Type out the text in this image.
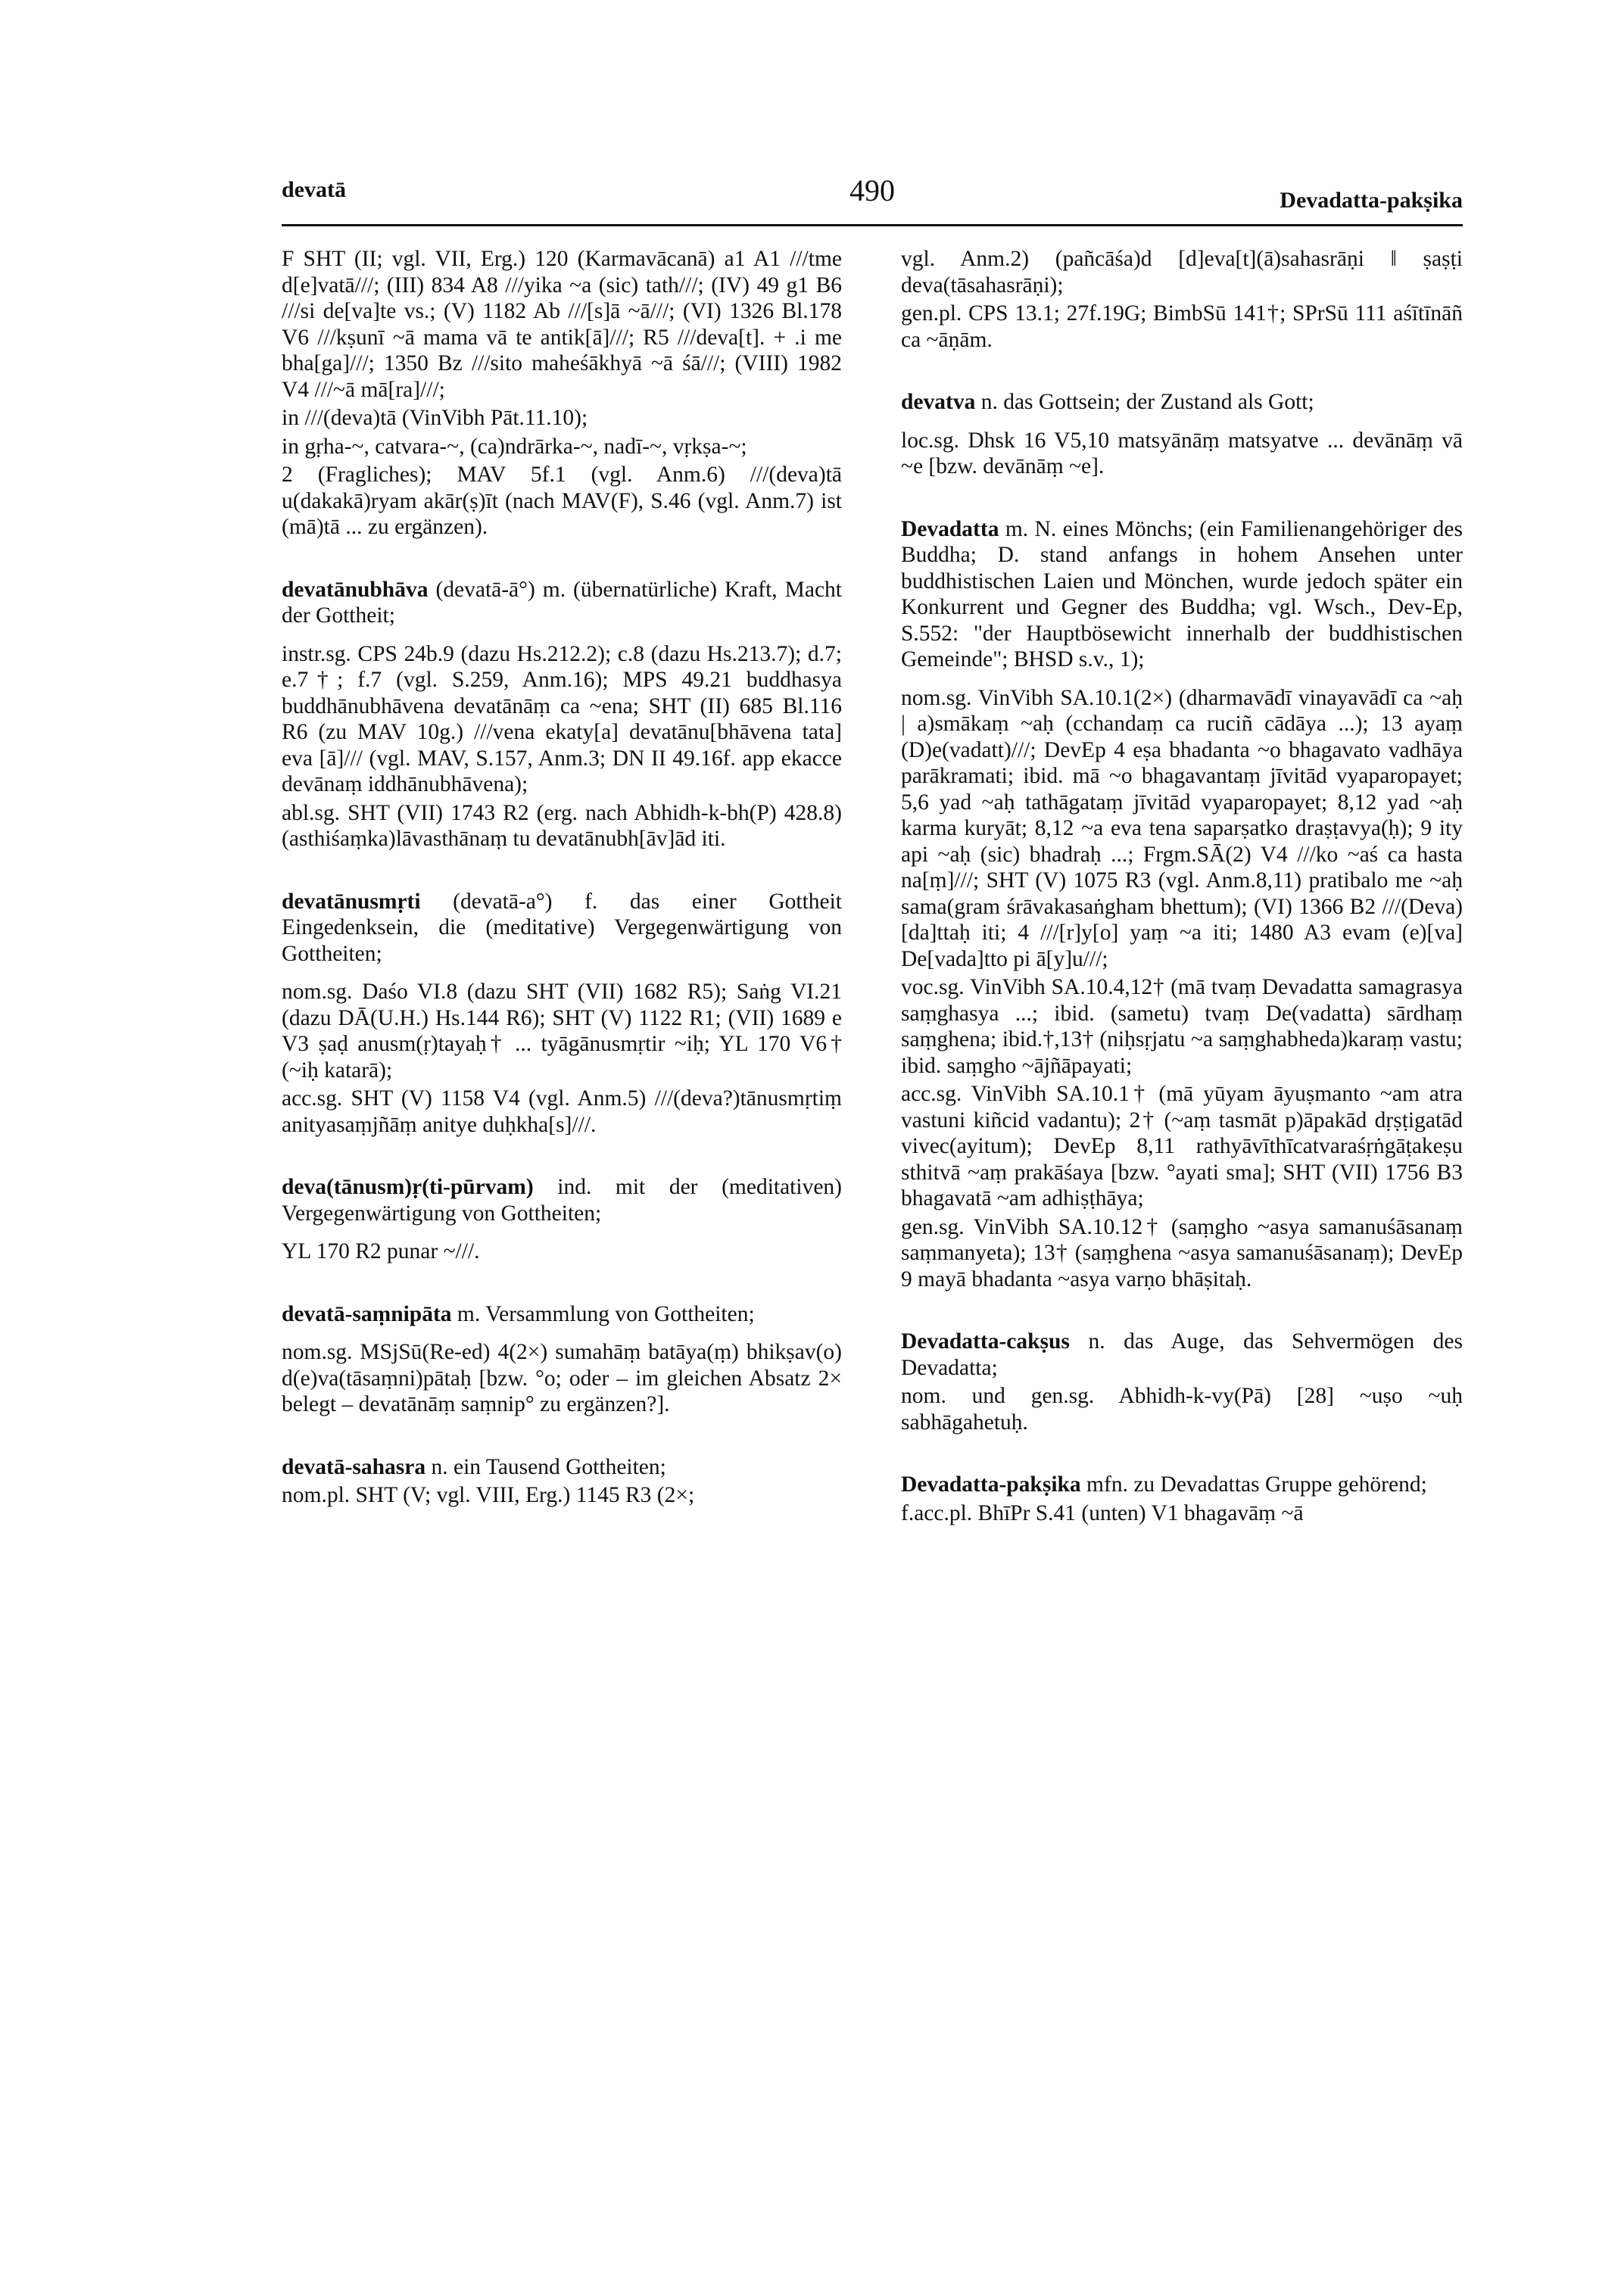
devatā	490	Devadatta-pakṣika

F SHT (II; vgl. VII, Erg.) 120 (Karmavācanā) a1 A1 ///tme d[e]vatā///; (III) 834 A8 ///yika ~a (sic) tath///; (IV) 49 g1 B6 ///si de[va]te vs.; (V) 1182 Ab ///[s]ā ~ā///; (VI) 1326 Bl.178 V6 ///kṣunī ~ā mama vā te antik[ā]///; R5 ///deva[t]. + .i me bha[ga]///; 1350 Bz ///sito maheśākhyā ~ā śā///; (VIII) 1982 V4 ///~ā mā[ra]///;

in ///(deva)tā (VinVibh Pāt.11.10);

in gṛha-~, catvara-~, (ca)ndrārka-~, nadī-~, vṛkṣa-~;

2 (Fragliches); MAV 5f.1 (vgl. Anm.6) ///(deva)tā u(dakakā)ryam akār(ṣ)īt (nach MAV(F), S.46 (vgl. Anm.7) ist (mā)tā ... zu ergänzen).

devatānubhāva (devatā-ā°) m. (übernatürliche) Kraft, Macht der Gottheit;

instr.sg. CPS 24b.9 (dazu Hs.212.2); c.8 (dazu Hs.213.7); d.7; e.7†; f.7 (vgl. S.259, Anm.16); MPS 49.21 buddhasya buddhānubhāvena devatānāṃ ca ~ena; SHT (II) 685 Bl.116 R6 (zu MAV 10g.) ///vena ekaty[a] devatānu[bhāvena tata] eva [ā]/// (vgl. MAV, S.157, Anm.3; DN II 49.16f. app ekacce devānaṃ iddhānubhāvena);

abl.sg. SHT (VII) 1743 R2 (erg. nach Abhidh-k-bh(P) 428.8) (asthiśaṃka)lāvasthānaṃ tu devatānubh[āv]ād iti.

devatānusmṛti (devatā-a°) f. das einer Gottheit Eingedenksein, die (meditative) Vergegenwärtigung von Gottheiten;

nom.sg. Daśo VI.8 (dazu SHT (VII) 1682 R5); Saṅg VI.21 (dazu DĀ(U.H.) Hs.144 R6); SHT (V) 1122 R1; (VII) 1689 e V3 ṣaḍ anusm(ṛ)tayaḥ† ... tyāgānusmṛtir ~iḥ; YL 170 V6† (~iḥ katarā);

acc.sg. SHT (V) 1158 V4 (vgl. Anm.5) ///(deva?)tānusmṛtiṃ anityasaṃjñāṃ anitye duḥkha[s]///.

deva(tānusm)ṛ(ti-pūrvam) ind. mit der (meditativen) Vergegenwärtigung von Gottheiten;

YL 170 R2 punar ~///.

devatā-saṃnipāta m. Versammlung von Gottheiten;

nom.sg. MSjSū(Re-ed) 4(2×) sumahāṃ batāya(ṃ) bhikṣav(o) d(e)va(tāsaṃni)pātaḥ [bzw. °o; oder – im gleichen Absatz 2× belegt – devatānāṃ saṃnip° zu ergänzen?].

devatā-sahasra n. ein Tausend Gottheiten;

nom.pl. SHT (V; vgl. VIII, Erg.) 1145 R3 (2×;

vgl. Anm.2) (pañcāśa)d [d]eva[t](ā)sahasrāṇi ‖ ṣaṣṭi deva(tāsahasrāṇi);

gen.pl. CPS 13.1; 27f.19G; BimbSū 141†; SPrSū 111 aśītīnāñ ca ~āṇām.

devatva n. das Gottsein; der Zustand als Gott;

loc.sg. Dhsk 16 V5,10 matsyānāṃ matsyatve ... devānāṃ vā ~e [bzw. devānāṃ ~e].

Devadatta m. N. eines Mönchs; (ein Familienangehöriger des Buddha; D. stand anfangs in hohem Ansehen unter buddhistischen Laien und Mönchen, wurde jedoch später ein Konkurrent und Gegner des Buddha; vgl. Wsch., Dev-Ep, S.552: "der Hauptbösewicht innerhalb der buddhistischen Gemeinde"; BHSD s.v., 1);

nom.sg. VinVibh SA.10.1(2×) (dharmavādī vinayavādī ca ~aḥ | a)smākaṃ ~aḥ (cchandaṃ ca ruciñ cādāya ...); 13 ayaṃ (D)e(vadatt)///; DevEp 4 eṣa bhadanta ~o bhagavato vadhāya parākramati; ibid. mā ~o bhagavantaṃ jīvitād vyaparopayet; 5,6 yad ~aḥ tathāgataṃ jīvitād vyaparopayet; 8,12 yad ~aḥ karma kuryāt; 8,12 ~a eva tena saparṣatko draṣṭavya(ḥ); 9 ity api ~aḥ (sic) bhadraḥ ...; Frgm.SĀ(2) V4 ///ko ~aś ca hasta na[ṃ]///; SHT (V) 1075 R3 (vgl. Anm.8,11) pratibalo me ~aḥ sama(gram śrāvakasaṅgham bhettum); (VI) 1366 B2 ///(Deva)[da]ttaḥ iti; 4 ///[r]y[o] yaṃ ~a iti; 1480 A3 evam (e)[va] De[vada]tto pi ā[y]u///;

voc.sg. VinVibh SA.10.4,12† (mā tvaṃ Devadatta samagrasya saṃghasya ...; ibid. (sametu) tvaṃ De(vadatta) sārdhaṃ saṃghena; ibid.†,13† (niḥsṛjatu ~a saṃghabheda)karaṃ vastu; ibid. saṃgho ~ājñāpayati;

acc.sg. VinVibh SA.10.1† (mā yūyam āyuṣmanto ~am atra vastuni kiñcid vadantu); 2† (~aṃ tasmāt p)āpakād dṛṣṭigatād vivec(ayitum); DevEp 8,11 rathyāvīthīcatvaraśṛṅgāṭakeṣu sthitvā ~aṃ prakāśaya [bzw. °ayati sma]; SHT (VII) 1756 B3 bhagavatā ~am adhiṣṭhāya;

gen.sg. VinVibh SA.10.12† (saṃgho ~asya samanuśāsanaṃ saṃmanyeta); 13† (saṃghena ~asya samanuśāsanaṃ); DevEp 9 mayā bhadanta ~asya varṇo bhāṣitaḥ.

Devadatta-cakṣus n. das Auge, das Sehvermögen des Devadatta;

nom. und gen.sg. Abhidh-k-vy(Pā) [28] ~uṣo ~uḥ sabhāgahetuḥ.

Devadatta-pakṣika mfn. zu Devadattas Gruppe gehörend;

f.acc.pl. BhīPr S.41 (unten) V1 bhagavāṃ ~ā
